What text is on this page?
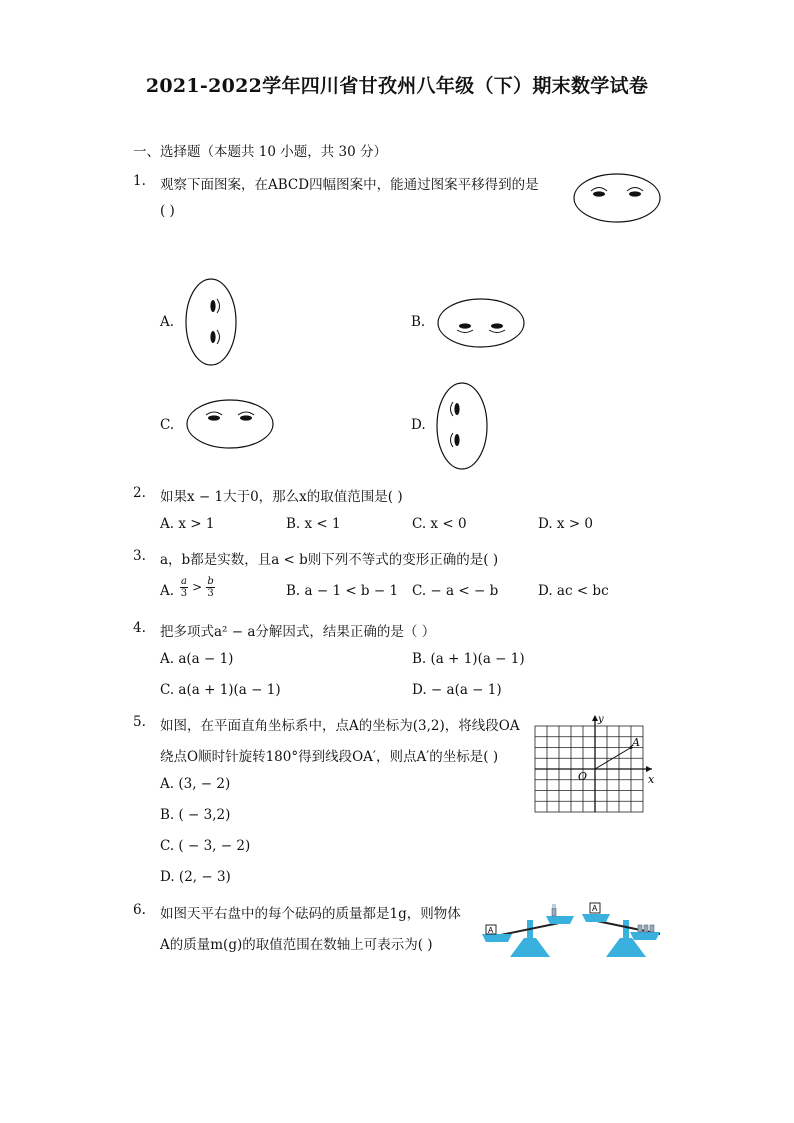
2021-2022学年四川省甘孜州八年级（下）期末数学试卷
一、选择题（本题共 10 小题，共 30 分）
1. 观察下面图案，在ABCD四幅图案中，能通过图案平移得到的是
( )
A.	B.
C.	D.
2. 如果x − 1大于0，那么x的取值范围是( )
A. x > 1	B. x < 1	C. x < 0	D. x > 0
3. a，b都是实数，且a < b则下列不等式的变形正确的是( )
A. $\frac{a}{3} > \frac{b}{3}$	B. a − 1 < b − 1 C. − a < − b	D. ac < bc
4. 把多项式a² − a分解因式，结果正确的是（ ）
A. a(a − 1)	B. (a + 1)(a − 1)
C. a(a + 1)(a − 1)	D. − a(a − 1)
5. 如图，在平面直角坐标系中，点A的坐标为(3,2)，将线段OA
绕点O顺时针旋转180°得到线段OA′，则点A′的坐标是( )
A. (3, − 2)
B. ( − 3,2)
C. ( − 3, − 2)
D. (2, − 3)
y
x
O
A
6. 如图天平右盘中的每个砝码的质量都是1g，则物体
A的质量m(g)的取值范围在数轴上可表示为( )
A
A
